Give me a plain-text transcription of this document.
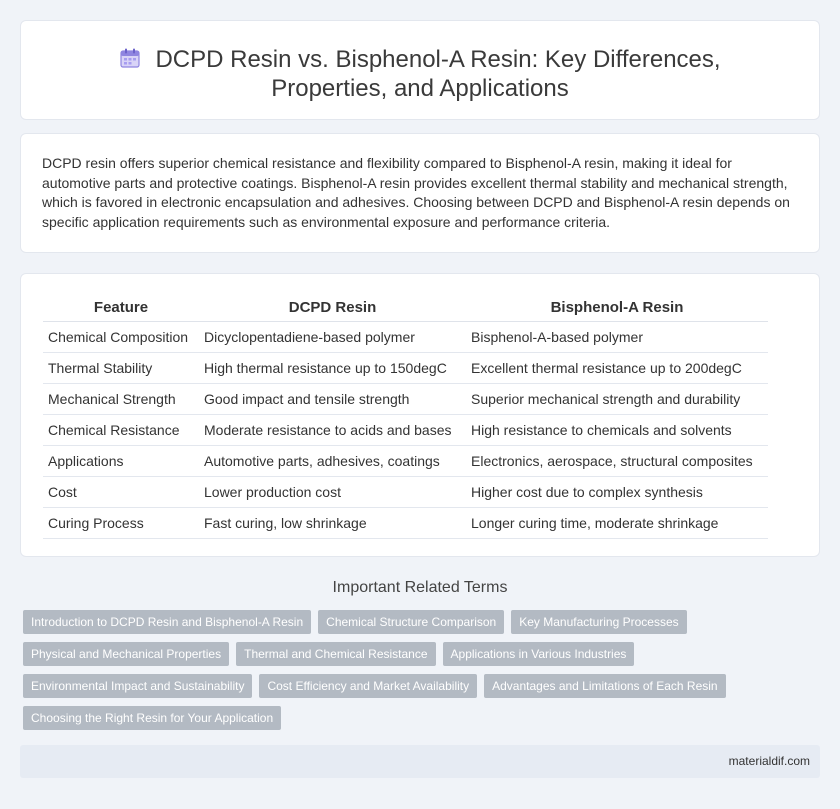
DCPD Resin vs. Bisphenol-A Resin: Key Differences, Properties, and Applications

DCPD resin offers superior chemical resistance and flexibility compared to Bisphenol-A resin, making it ideal for automotive parts and protective coatings. Bisphenol-A resin provides excellent thermal stability and mechanical strength, which is favored in electronic encapsulation and adhesives. Choosing between DCPD and Bisphenol-A resin depends on specific application requirements such as environmental exposure and performance criteria.

Feature	DCPD Resin	Bisphenol-A Resin
Chemical Composition	Dicyclopentadiene-based polymer	Bisphenol-A-based polymer
Thermal Stability	High thermal resistance up to 150degC	Excellent thermal resistance up to 200degC
Mechanical Strength	Good impact and tensile strength	Superior mechanical strength and durability
Chemical Resistance	Moderate resistance to acids and bases	High resistance to chemicals and solvents
Applications	Automotive parts, adhesives, coatings	Electronics, aerospace, structural composites
Cost	Lower production cost	Higher cost due to complex synthesis
Curing Process	Fast curing, low shrinkage	Longer curing time, moderate shrinkage
Important Related Terms
Introduction to DCPD Resin and Bisphenol-A Resin	Chemical Structure Comparison	Key Manufacturing Processes
Physical and Mechanical Properties	Thermal and Chemical Resistance	Applications in Various Industries
Environmental Impact and Sustainability	Cost Efficiency and Market Availability	Advantages and Limitations of Each Resin
Choosing the Right Resin for Your Application
materialdif.com
